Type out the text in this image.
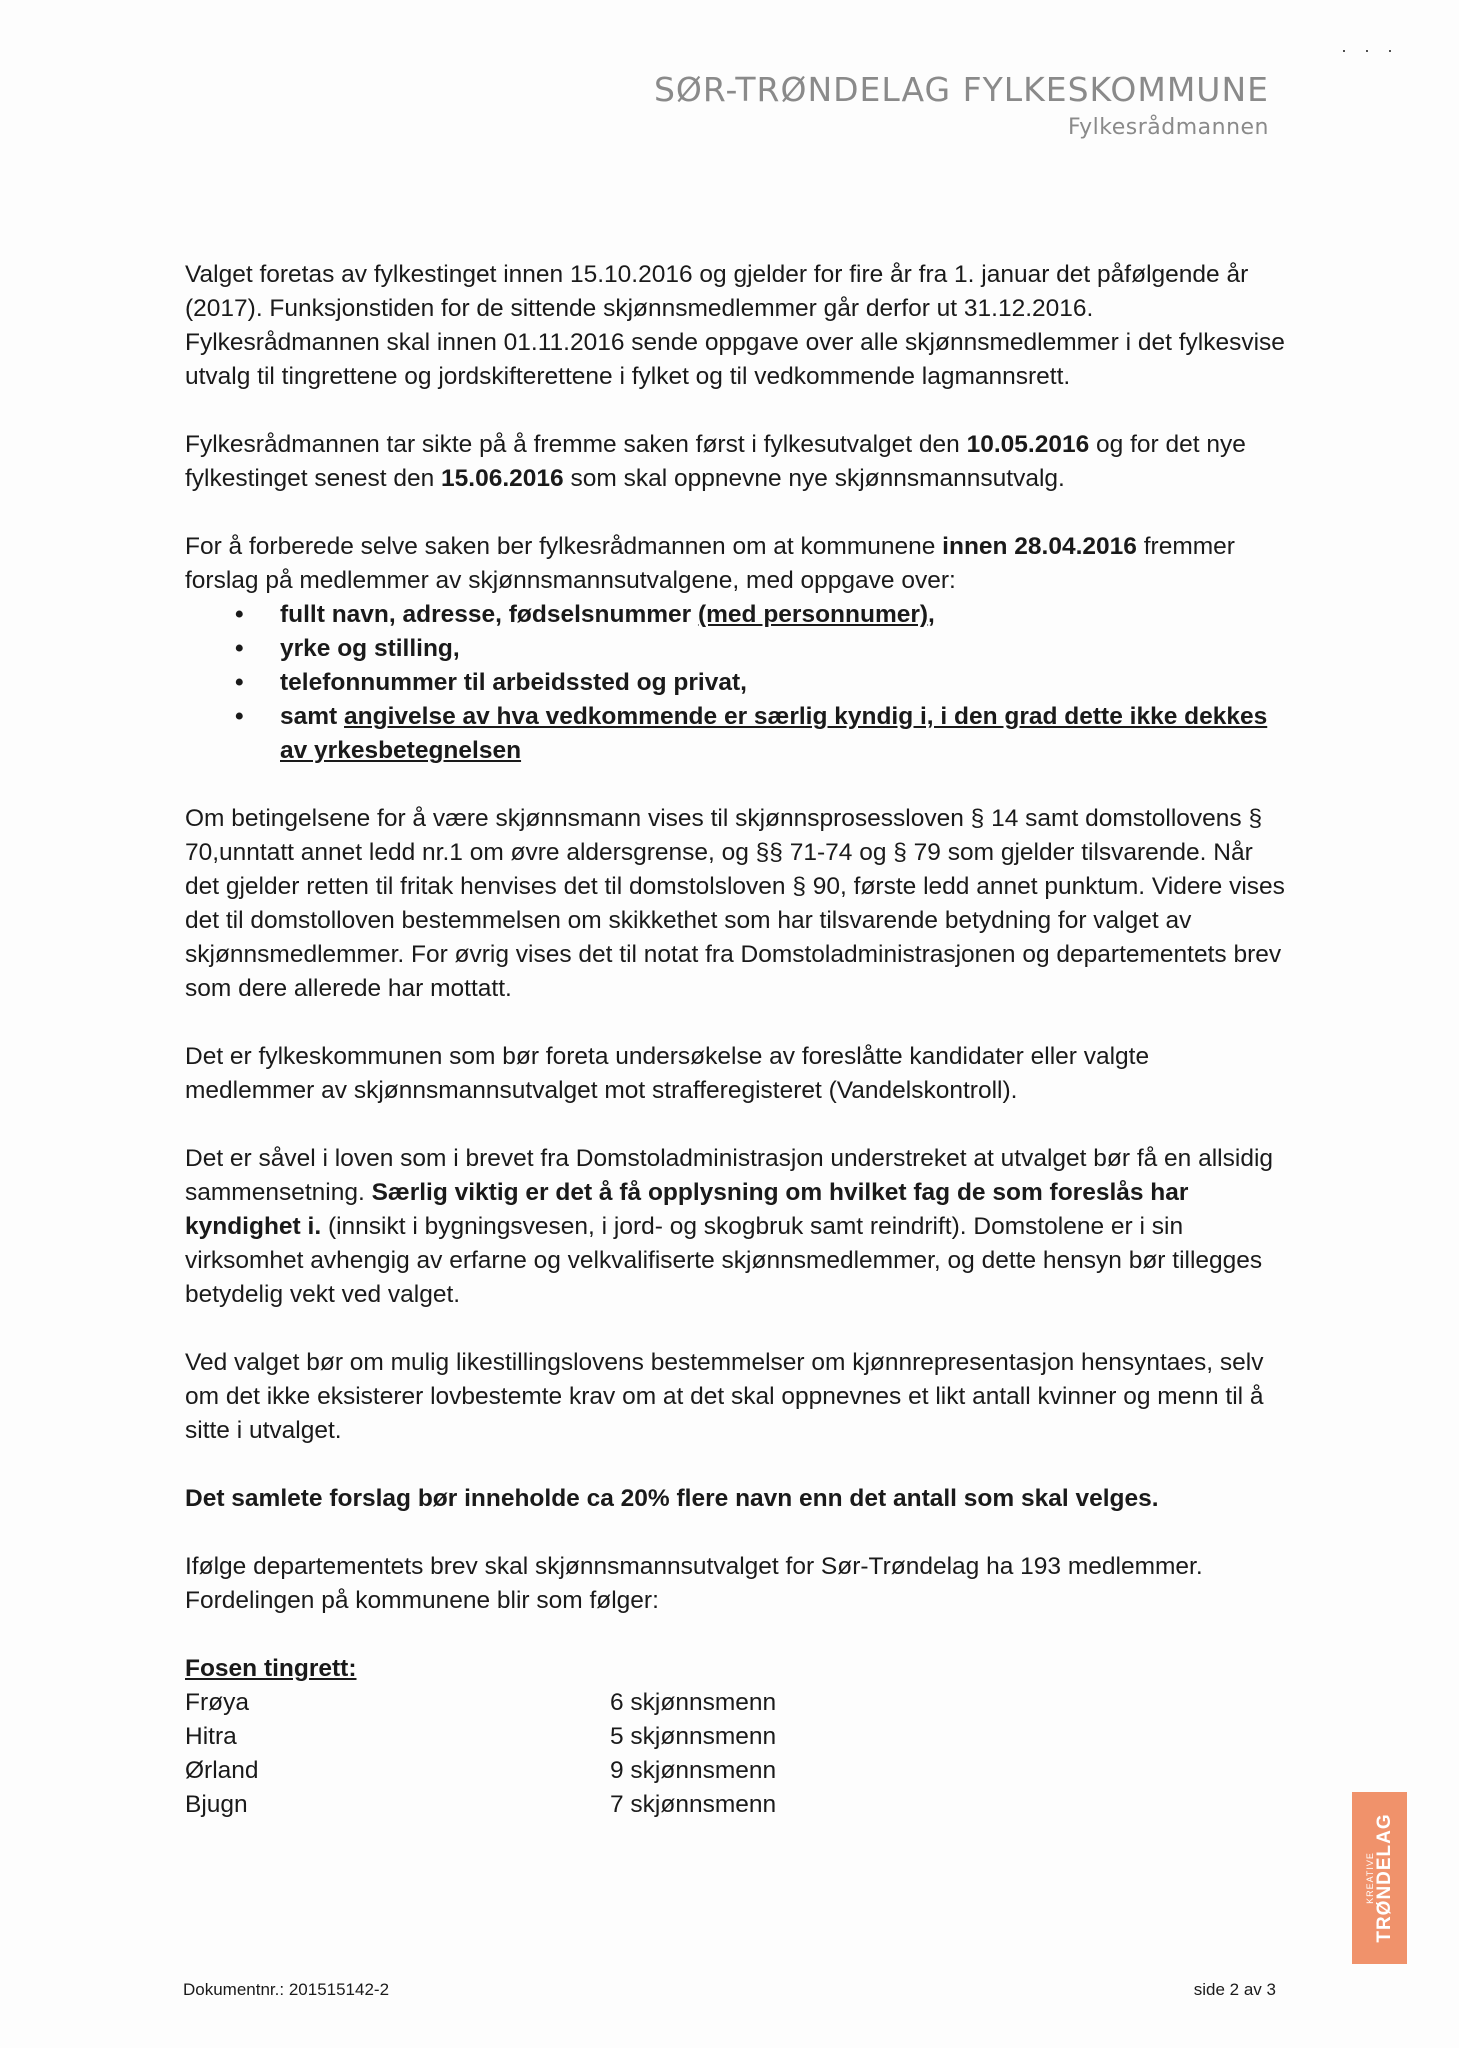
· · ·
SØR-TRØNDELAG FYLKESKOMMUNE
Fylkesrådmannen

Valget foretas av fylkestinget innen 15.10.2016 og gjelder for fire år fra 1. januar det påfølgende år (2017). Funksjonstiden for de sittende skjønnsmedlemmer går derfor ut 31.12.2016. Fylkesrådmannen skal innen 01.11.2016 sende oppgave over alle skjønnsmedlemmer i det fylkesvise utvalg til tingrettene og jordskifterettene i fylket og til vedkommende lagmannsrett.

Fylkesrådmannen tar sikte på å fremme saken først i fylkesutvalget den 10.05.2016 og for det nye fylkestinget senest den 15.06.2016 som skal oppnevne nye skjønnsmannsutvalg.

For å forberede selve saken ber fylkesrådmannen om at kommunene innen 28.04.2016 fremmer forslag på medlemmer av skjønnsmannsutvalgene, med oppgave over:

• fullt navn, adresse, fødselsnummer (med personnumer),
• yrke og stilling,
• telefonnummer til arbeidssted og privat,
• samt angivelse av hva vedkommende er særlig kyndig i, i den grad dette ikke dekkes av yrkesbetegnelsen

Om betingelsene for å være skjønnsmann vises til skjønnsprosessloven § 14 samt domstollovens § 70,unntatt annet ledd nr.1 om øvre aldersgrense, og §§ 71-74 og § 79 som gjelder tilsvarende. Når det gjelder retten til fritak henvises det til domstolsloven § 90, første ledd annet punktum. Videre vises det til domstolloven bestemmelsen om skikkethet som har tilsvarende betydning for valget av skjønnsmedlemmer. For øvrig vises det til notat fra Domstoladministrasjonen og departementets brev som dere allerede har mottatt.

Det er fylkeskommunen som bør foreta undersøkelse av foreslåtte kandidater eller valgte medlemmer av skjønnsmannsutvalget mot strafferegisteret (Vandelskontroll).

Det er såvel i loven som i brevet fra Domstoladministrasjon understreket at utvalget bør få en allsidig sammensetning. Særlig viktig er det å få opplysning om hvilket fag de som foreslås har kyndighet i. (innsikt i bygningsvesen, i jord- og skogbruk samt reindrift). Domstolene er i sin virksomhet avhengig av erfarne og velkvalifiserte skjønnsmedlemmer, og dette hensyn bør tillegges betydelig vekt ved valget.

Ved valget bør om mulig likestillingslovens bestemmelser om kjønnrepresentasjon hensyntaes, selv om det ikke eksisterer lovbestemte krav om at det skal oppnevnes et likt antall kvinner og menn til å sitte i utvalget.

Det samlete forslag bør inneholde ca 20% flere navn enn det antall som skal velges.

Ifølge departementets brev skal skjønnsmannsutvalget for Sør-Trøndelag ha 193 medlemmer. Fordelingen på kommunene blir som følger:

Fosen tingrett:
Frøya	6 skjønnsmenn
Hitra	5 skjønnsmenn
Ørland	9 skjønnsmenn
Bjugn	7 skjønnsmenn
Dokumentnr.: 201515142-2	side 2 av 3
KREATIVE TRØNDELAG
